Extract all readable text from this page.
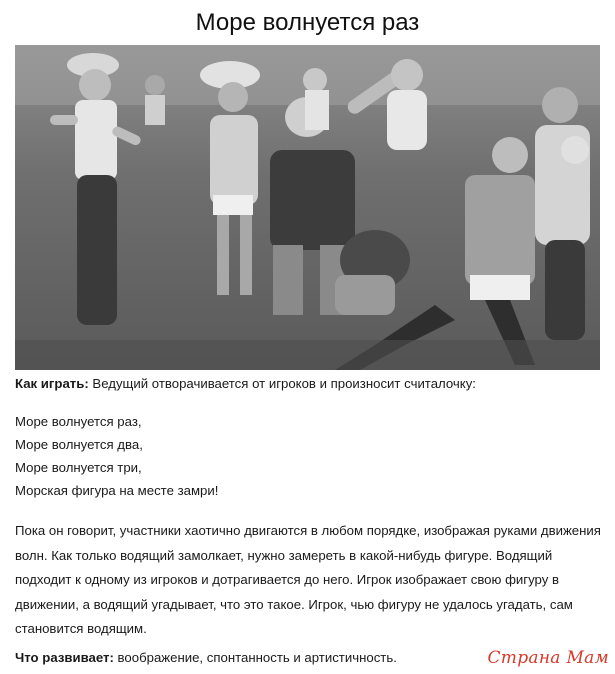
Море волнуется раз
Как играть: Ведущий отворачивается от игроков и произносит считалочку:
Море волнуется раз,
Море волнуется два,
Море волнуется три,
Морская фигура на месте замри!
Пока он говорит, участники хаотично двигаются в любом порядке, изображая руками движения волн. Как только водящий замолкает, нужно замереть в какой-нибудь фигуре. Водящий подходит к одному из игроков и дотрагивается до него. Игрок изображает свою фигуру в движении, а водящий угадывает, что это такое. Игрок, чью фигуру не удалось угадать, сам становится водящим.
Что развивает: воображение, спонтанность и артистичность.	Страна Мам
